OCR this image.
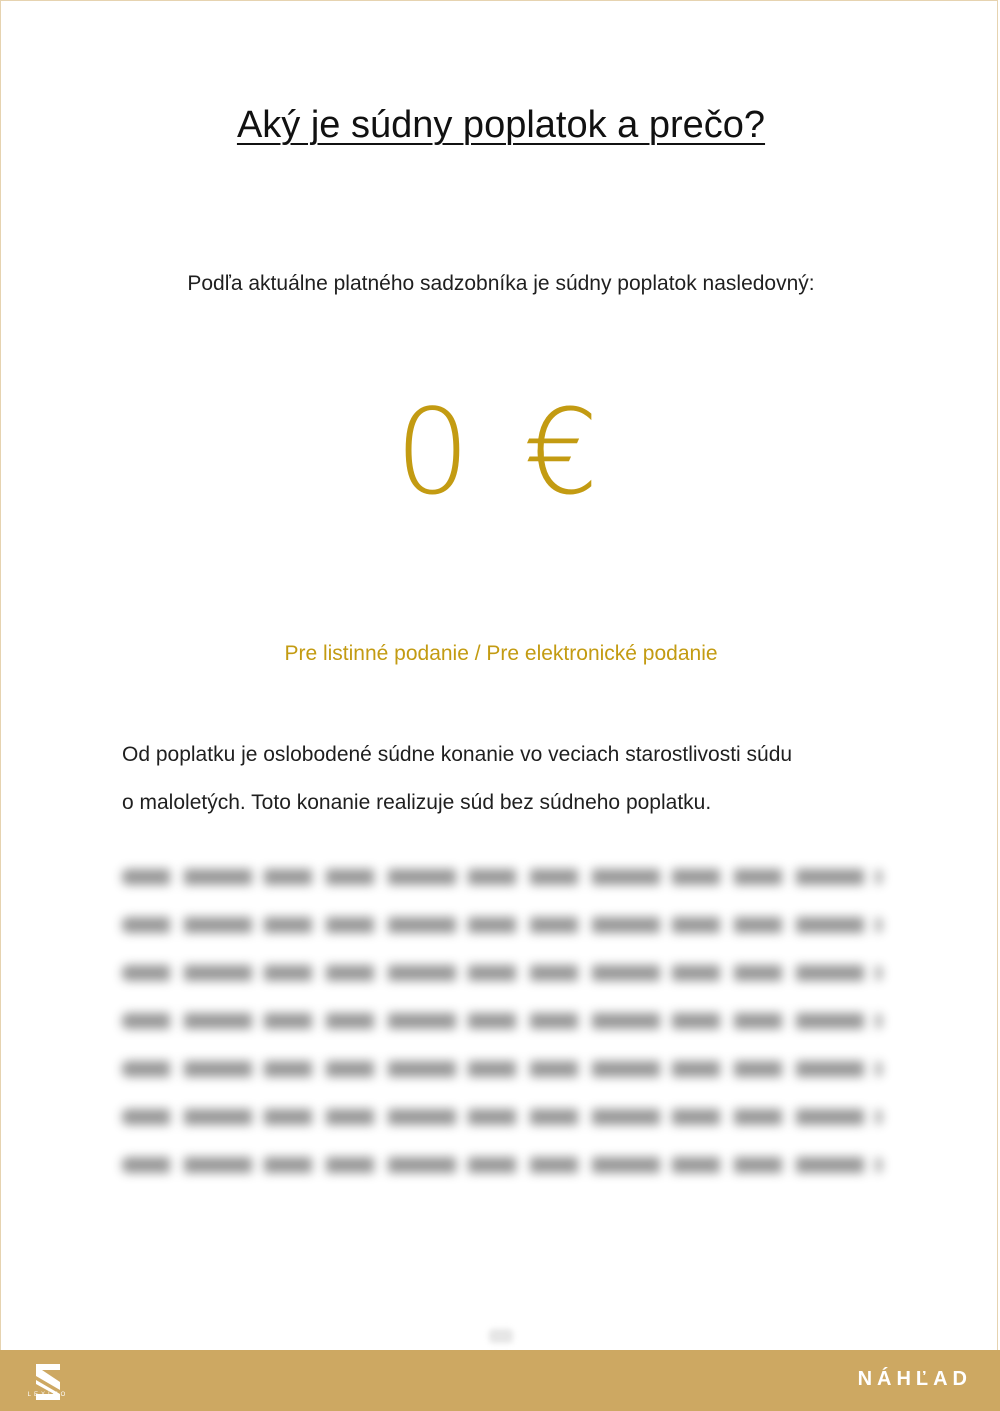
Aký je súdny poplatok a prečo?
Podľa aktuálne platného sadzobníka je súdny poplatok nasledovný:
0 €
Pre listinné podanie / Pre elektronické podanie
Od poplatku je oslobodené súdne konanie vo veciach starostlivosti súdu
o maloletých. Toto konanie realizuje súd bez súdneho poplatku.
LEXIMO
NÁHĽAD
